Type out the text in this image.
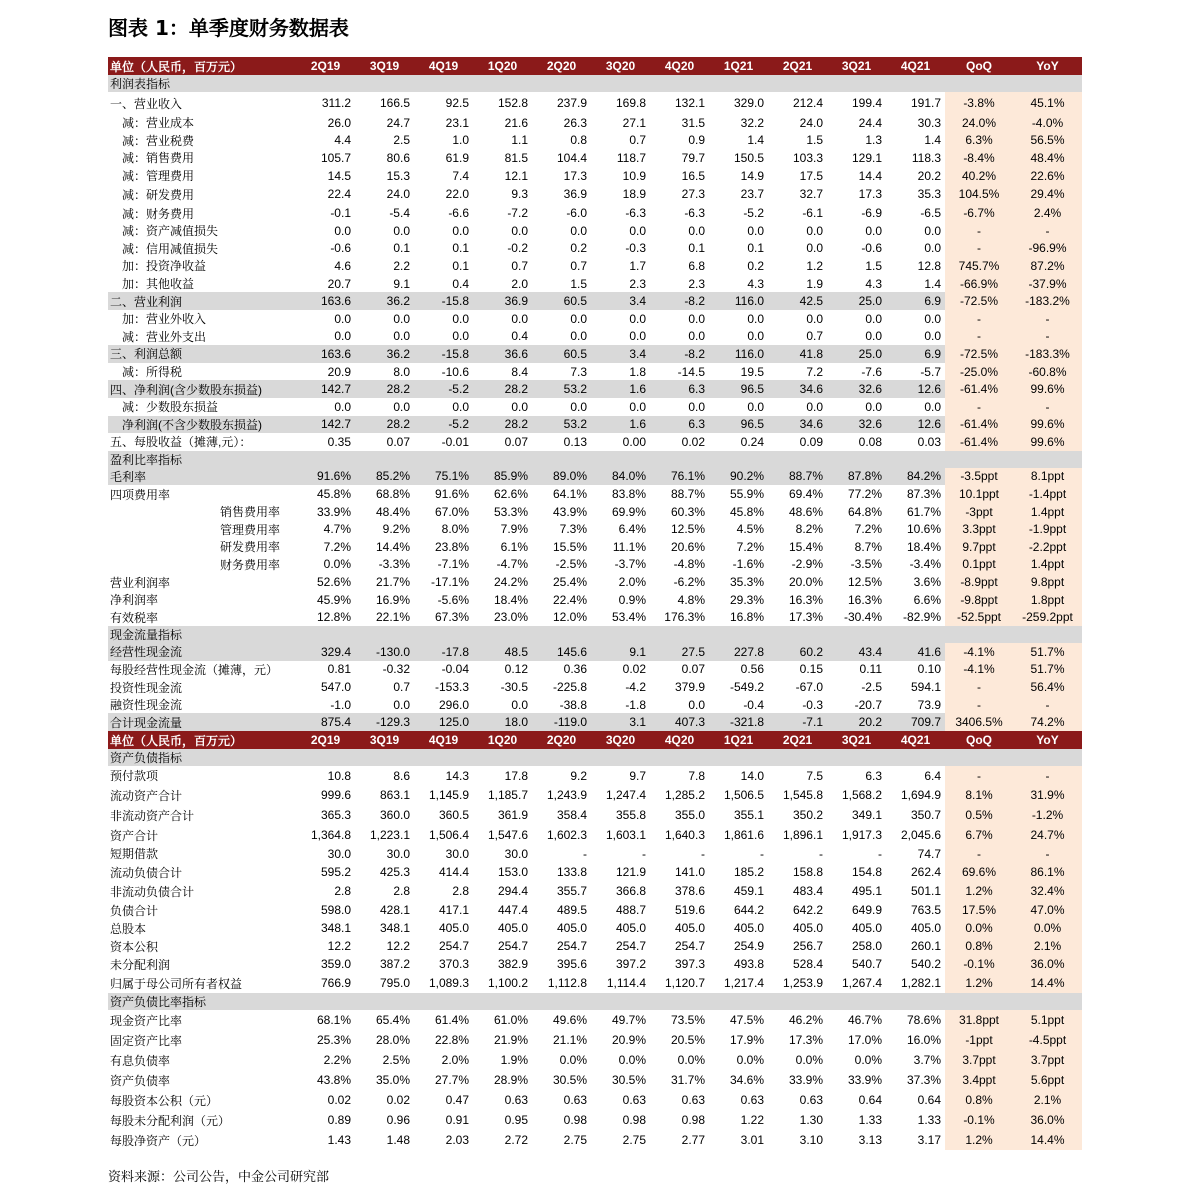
图表 1：单季度财务数据表
单位（人民币，百万元）	2Q19	3Q19	4Q19	1Q20	2Q20	3Q20	4Q20	1Q21	2Q21	3Q21	4Q21	QoQ	YoY
利润表指标													
一、营业收入	311.2	166.5	92.5	152.8	237.9	169.8	132.1	329.0	212.4	199.4	191.7	-3.8%	45.1%
减：营业成本	26.0	24.7	23.1	21.6	26.3	27.1	31.5	32.2	24.0	24.4	30.3	24.0%	-4.0%
减：营业税费	4.4	2.5	1.0	1.1	0.8	0.7	0.9	1.4	1.5	1.3	1.4	6.3%	56.5%
减：销售费用	105.7	80.6	61.9	81.5	104.4	118.7	79.7	150.5	103.3	129.1	118.3	-8.4%	48.4%
减：管理费用	14.5	15.3	7.4	12.1	17.3	10.9	16.5	14.9	17.5	14.4	20.2	40.2%	22.6%
减：研发费用	22.4	24.0	22.0	9.3	36.9	18.9	27.3	23.7	32.7	17.3	35.3	104.5%	29.4%
减：财务费用	-0.1	-5.4	-6.6	-7.2	-6.0	-6.3	-6.3	-5.2	-6.1	-6.9	-6.5	-6.7%	2.4%
减：资产减值损失	0.0	0.0	0.0	0.0	0.0	0.0	0.0	0.0	0.0	0.0	0.0	-	-
减：信用减值损失	-0.6	0.1	0.1	-0.2	0.2	-0.3	0.1	0.1	0.0	-0.6	0.0	-	-96.9%
加：投资净收益	4.6	2.2	0.1	0.7	0.7	1.7	6.8	0.2	1.2	1.5	12.8	745.7%	87.2%
加：其他收益	20.7	9.1	0.4	2.0	1.5	2.3	2.3	4.3	1.9	4.3	1.4	-66.9%	-37.9%
二、营业利润	163.6	36.2	-15.8	36.9	60.5	3.4	-8.2	116.0	42.5	25.0	6.9	-72.5%	-183.2%
加：营业外收入	0.0	0.0	0.0	0.0	0.0	0.0	0.0	0.0	0.0	0.0	0.0	-	-
减：营业外支出	0.0	0.0	0.0	0.4	0.0	0.0	0.0	0.0	0.7	0.0	0.0	-	-
三、利润总额	163.6	36.2	-15.8	36.6	60.5	3.4	-8.2	116.0	41.8	25.0	6.9	-72.5%	-183.3%
减：所得税	20.9	8.0	-10.6	8.4	7.3	1.8	-14.5	19.5	7.2	-7.6	-5.7	-25.0%	-60.8%
四、净利润(含少数股东损益)	142.7	28.2	-5.2	28.2	53.2	1.6	6.3	96.5	34.6	32.6	12.6	-61.4%	99.6%
减：少数股东损益	0.0	0.0	0.0	0.0	0.0	0.0	0.0	0.0	0.0	0.0	0.0	-	-
净利润(不含少数股东损益)	142.7	28.2	-5.2	28.2	53.2	1.6	6.3	96.5	34.6	32.6	12.6	-61.4%	99.6%
五、每股收益（摊薄,元）：	0.35	0.07	-0.01	0.07	0.13	0.00	0.02	0.24	0.09	0.08	0.03	-61.4%	99.6%
盈利比率指标													
毛利率	91.6%	85.2%	75.1%	85.9%	89.0%	84.0%	76.1%	90.2%	88.7%	87.8%	84.2%	-3.5ppt	8.1ppt
四项费用率	45.8%	68.8%	91.6%	62.6%	64.1%	83.8%	88.7%	55.9%	69.4%	77.2%	87.3%	10.1ppt	-1.4ppt
销售费用率	33.9%	48.4%	67.0%	53.3%	43.9%	69.9%	60.3%	45.8%	48.6%	64.8%	61.7%	-3ppt	1.4ppt
管理费用率	4.7%	9.2%	8.0%	7.9%	7.3%	6.4%	12.5%	4.5%	8.2%	7.2%	10.6%	3.3ppt	-1.9ppt
研发费用率	7.2%	14.4%	23.8%	6.1%	15.5%	11.1%	20.6%	7.2%	15.4%	8.7%	18.4%	9.7ppt	-2.2ppt
财务费用率	0.0%	-3.3%	-7.1%	-4.7%	-2.5%	-3.7%	-4.8%	-1.6%	-2.9%	-3.5%	-3.4%	0.1ppt	1.4ppt
营业利润率	52.6%	21.7%	-17.1%	24.2%	25.4%	2.0%	-6.2%	35.3%	20.0%	12.5%	3.6%	-8.9ppt	9.8ppt
净利润率	45.9%	16.9%	-5.6%	18.4%	22.4%	0.9%	4.8%	29.3%	16.3%	16.3%	6.6%	-9.8ppt	1.8ppt
有效税率	12.8%	22.1%	67.3%	23.0%	12.0%	53.4%	176.3%	16.8%	17.3%	-30.4%	-82.9%	-52.5ppt	-259.2ppt
现金流量指标													
经营性现金流	329.4	-130.0	-17.8	48.5	145.6	9.1	27.5	227.8	60.2	43.4	41.6	-4.1%	51.7%
每股经营性现金流（摊薄，元）	0.81	-0.32	-0.04	0.12	0.36	0.02	0.07	0.56	0.15	0.11	0.10	-4.1%	51.7%
投资性现金流	547.0	0.7	-153.3	-30.5	-225.8	-4.2	379.9	-549.2	-67.0	-2.5	594.1	-	56.4%
融资性现金流	-1.0	0.0	296.0	0.0	-38.8	-1.8	0.0	-0.4	-0.3	-20.7	73.9	-	-
合计现金流量	875.4	-129.3	125.0	18.0	-119.0	3.1	407.3	-321.8	-7.1	20.2	709.7	3406.5%	74.2%
单位（人民币，百万元）	2Q19	3Q19	4Q19	1Q20	2Q20	3Q20	4Q20	1Q21	2Q21	3Q21	4Q21	QoQ	YoY
资产负债指标													
预付款项	10.8	8.6	14.3	17.8	9.2	9.7	7.8	14.0	7.5	6.3	6.4	-	-
流动资产合计	999.6	863.1	1,145.9	1,185.7	1,243.9	1,247.4	1,285.2	1,506.5	1,545.8	1,568.2	1,694.9	8.1%	31.9%
非流动资产合计	365.3	360.0	360.5	361.9	358.4	355.8	355.0	355.1	350.2	349.1	350.7	0.5%	-1.2%
资产合计	1,364.8	1,223.1	1,506.4	1,547.6	1,602.3	1,603.1	1,640.3	1,861.6	1,896.1	1,917.3	2,045.6	6.7%	24.7%
短期借款	30.0	30.0	30.0	30.0	-	-	-	-	-	-	74.7	-	-
流动负债合计	595.2	425.3	414.4	153.0	133.8	121.9	141.0	185.2	158.8	154.8	262.4	69.6%	86.1%
非流动负债合计	2.8	2.8	2.8	294.4	355.7	366.8	378.6	459.1	483.4	495.1	501.1	1.2%	32.4%
负债合计	598.0	428.1	417.1	447.4	489.5	488.7	519.6	644.2	642.2	649.9	763.5	17.5%	47.0%
总股本	348.1	348.1	405.0	405.0	405.0	405.0	405.0	405.0	405.0	405.0	405.0	0.0%	0.0%
资本公积	12.2	12.2	254.7	254.7	254.7	254.7	254.7	254.9	256.7	258.0	260.1	0.8%	2.1%
未分配利润	359.0	387.2	370.3	382.9	395.6	397.2	397.3	493.8	528.4	540.7	540.2	-0.1%	36.0%
归属于母公司所有者权益	766.9	795.0	1,089.3	1,100.2	1,112.8	1,114.4	1,120.7	1,217.4	1,253.9	1,267.4	1,282.1	1.2%	14.4%
资产负债比率指标													
现金资产比率	68.1%	65.4%	61.4%	61.0%	49.6%	49.7%	73.5%	47.5%	46.2%	46.7%	78.6%	31.8ppt	5.1ppt
固定资产比率	25.3%	28.0%	22.8%	21.9%	21.1%	20.9%	20.5%	17.9%	17.3%	17.0%	16.0%	-1ppt	-4.5ppt
有息负债率	2.2%	2.5%	2.0%	1.9%	0.0%	0.0%	0.0%	0.0%	0.0%	0.0%	3.7%	3.7ppt	3.7ppt
资产负债率	43.8%	35.0%	27.7%	28.9%	30.5%	30.5%	31.7%	34.6%	33.9%	33.9%	37.3%	3.4ppt	5.6ppt
每股资本公积（元）	0.02	0.02	0.47	0.63	0.63	0.63	0.63	0.63	0.63	0.64	0.64	0.8%	2.1%
每股未分配利润（元）	0.89	0.96	0.91	0.95	0.98	0.98	0.98	1.22	1.30	1.33	1.33	-0.1%	36.0%
每股净资产（元）	1.43	1.48	2.03	2.72	2.75	2.75	2.77	3.01	3.10	3.13	3.17	1.2%	14.4%
资料来源：公司公告，中金公司研究部
